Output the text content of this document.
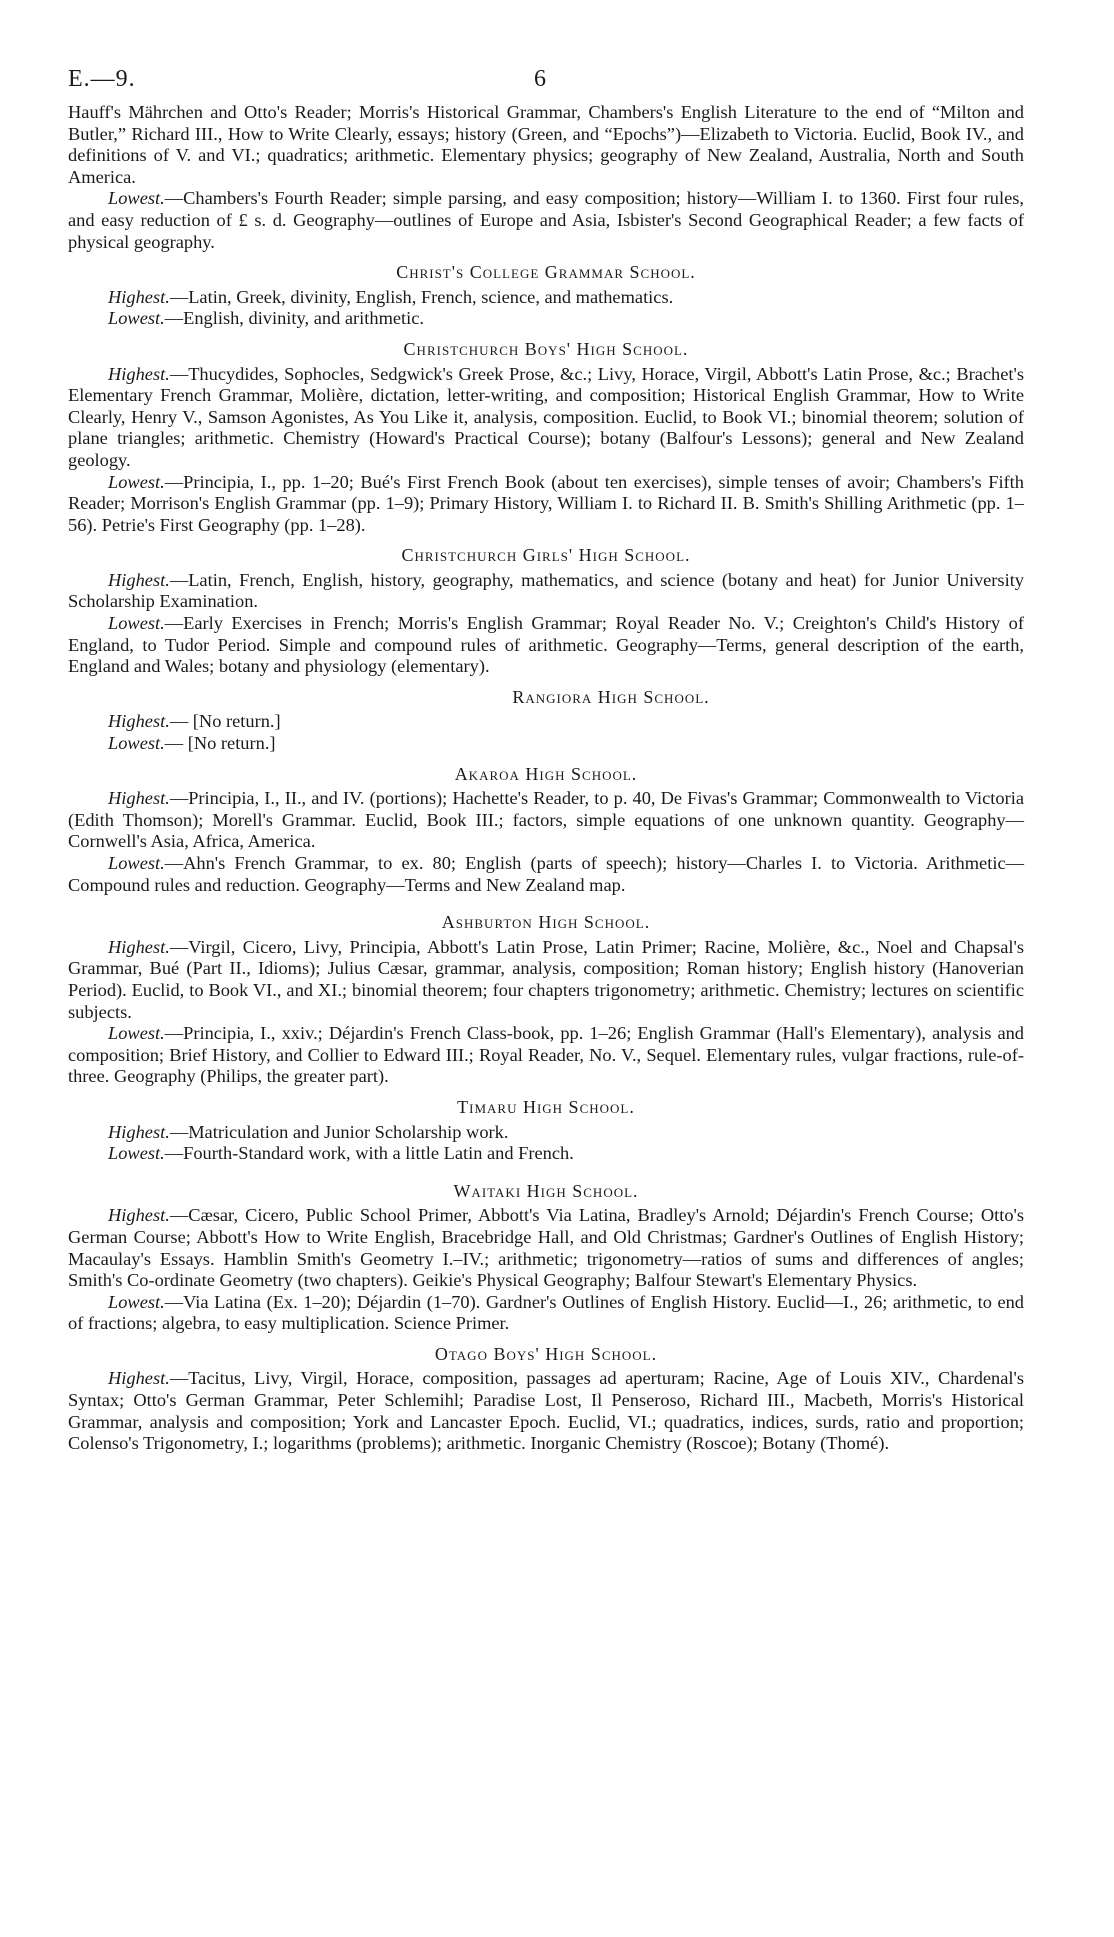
E.—9.	6

Hauff's Mährchen and Otto's Reader; Morris's Historical Grammar, Chambers's English Literature to the end of “Milton and Butler,” Richard III., How to Write Clearly, essays; history (Green, and “Epochs”)—Elizabeth to Victoria. Euclid, Book IV., and definitions of V. and VI.; quadratics; arithmetic. Elementary physics; geography of New Zealand, Australia, North and South America.

Lowest.—Chambers's Fourth Reader; simple parsing, and easy composition; history—William I. to 1360. First four rules, and easy reduction of £ s. d. Geography—outlines of Europe and Asia, Isbister's Second Geographical Reader; a few facts of physical geography.

Christ's College Grammar School.

Highest.—Latin, Greek, divinity, English, French, science, and mathematics.

Lowest.—English, divinity, and arithmetic.

Christchurch Boys' High School.

Highest.—Thucydides, Sophocles, Sedgwick's Greek Prose, &c.; Livy, Horace, Virgil, Abbott's Latin Prose, &c.; Brachet's Elementary French Grammar, Molière, dictation, letter-writing, and composition; Historical English Grammar, How to Write Clearly, Henry V., Samson Agonistes, As You Like it, analysis, composition. Euclid, to Book VI.; binomial theorem; solution of plane triangles; arithmetic. Chemistry (Howard's Practical Course); botany (Balfour's Lessons); general and New Zealand geology.

Lowest.—Principia, I., pp. 1–20; Bué's First French Book (about ten exercises), simple tenses of avoir; Chambers's Fifth Reader; Morrison's English Grammar (pp. 1–9); Primary History, William I. to Richard II. B. Smith's Shilling Arithmetic (pp. 1–56). Petrie's First Geography (pp. 1–28).

Christchurch Girls' High School.

Highest.—Latin, French, English, history, geography, mathematics, and science (botany and heat) for Junior University Scholarship Examination.

Lowest.—Early Exercises in French; Morris's English Grammar; Royal Reader No. V.; Creighton's Child's History of England, to Tudor Period. Simple and compound rules of arithmetic. Geography—Terms, general description of the earth, England and Wales; botany and physiology (elementary).

Rangiora High School.

Highest.— [No return.]

Lowest.— [No return.]

Akaroa High School.

Highest.—Principia, I., II., and IV. (portions); Hachette's Reader, to p. 40, De Fivas's Grammar; Commonwealth to Victoria (Edith Thomson); Morell's Grammar. Euclid, Book III.; factors, simple equations of one unknown quantity. Geography—Cornwell's Asia, Africa, America.

Lowest.—Ahn's French Grammar, to ex. 80; English (parts of speech); history—Charles I. to Victoria. Arithmetic—Compound rules and reduction. Geography—Terms and New Zealand map.

Ashburton High School.

Highest.—Virgil, Cicero, Livy, Principia, Abbott's Latin Prose, Latin Primer; Racine, Molière, &c., Noel and Chapsal's Grammar, Bué (Part II., Idioms); Julius Cæsar, grammar, analysis, composition; Roman history; English history (Hanoverian Period). Euclid, to Book VI., and XI.; binomial theorem; four chapters trigonometry; arithmetic. Chemistry; lectures on scientific subjects.

Lowest.—Principia, I., xxiv.; Déjardin's French Class-book, pp. 1–26; English Grammar (Hall's Elementary), analysis and composition; Brief History, and Collier to Edward III.; Royal Reader, No. V., Sequel. Elementary rules, vulgar fractions, rule-of-three. Geography (Philips, the greater part).

Timaru High School.

Highest.—Matriculation and Junior Scholarship work.

Lowest.—Fourth-Standard work, with a little Latin and French.

Waitaki High School.

Highest.—Cæsar, Cicero, Public School Primer, Abbott's Via Latina, Bradley's Arnold; Déjardin's French Course; Otto's German Course; Abbott's How to Write English, Bracebridge Hall, and Old Christmas; Gardner's Outlines of English History; Macaulay's Essays. Hamblin Smith's Geometry I.–IV.; arithmetic; trigonometry—ratios of sums and differences of angles; Smith's Co-ordinate Geometry (two chapters). Geikie's Physical Geography; Balfour Stewart's Elementary Physics.

Lowest.—Via Latina (Ex. 1–20); Déjardin (1–70). Gardner's Outlines of English History. Euclid—I., 26; arithmetic, to end of fractions; algebra, to easy multiplication. Science Primer.

Otago Boys' High School.

Highest.—Tacitus, Livy, Virgil, Horace, composition, passages ad aperturam; Racine, Age of Louis XIV., Chardenal's Syntax; Otto's German Grammar, Peter Schlemihl; Paradise Lost, Il Penseroso, Richard III., Macbeth, Morris's Historical Grammar, analysis and composition; York and Lancaster Epoch. Euclid, VI.; quadratics, indices, surds, ratio and proportion; Colenso's Trigonometry, I.; logarithms (problems); arithmetic. Inorganic Chemistry (Roscoe); Botany (Thomé).
